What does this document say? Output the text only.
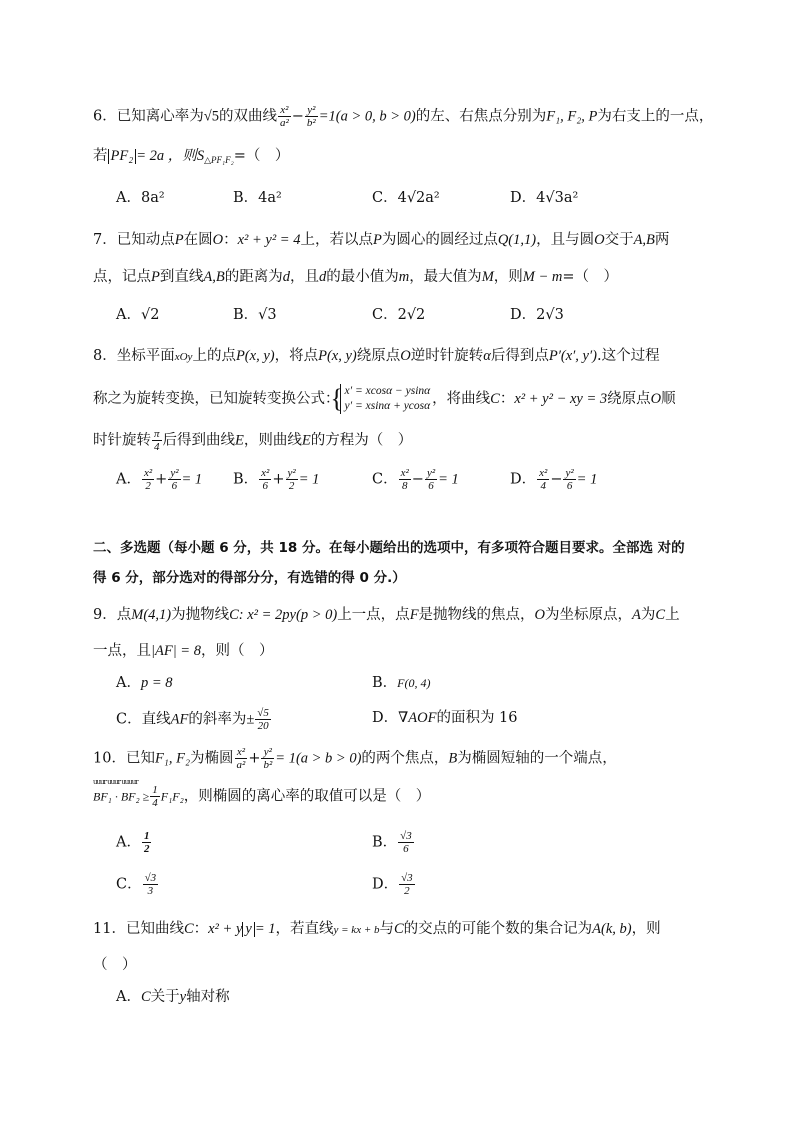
6．已知离心率为√5的双曲线 $\frac{\text{x²}}{\text{a²}} - \frac{\text{y²}}{\text{b²}} =1(a > 0$, b > 0)的左、右焦点分别为F₁, F₂, P为右支上的一点，
若 PF₂ = 2a ，则$S_{\triangle PF_1F_2}=$（　）
A．8a²	B．4a²	C．4√2a²	D．4√3a²
7．已知动点P在圆O：x² + y² = 4上，若以点P为圆心的圆经过点Q(1,1)，且与圆O交于A,B两
点，记点P到直线A,B的距离为d，且d的最小值为m，最大值为M，则M − m=（　）
A．√2	B．√3	C．2√2	D．2√3
8．坐标平面xOy上的点P(x, y)，将点P(x, y)绕原点O逆时针旋转α后得到点P′(x′, y′).这个过程
称之为旋转变换，已知旋转变换公式：
{ x′ = xcosα − ysinα
y′ = xsinα + ycosα ，将曲线C：x² + y² − xy = 3绕原点O顺
时针旋转 $\frac{\pi}{4}$ 后得到曲线E，则曲线E的方程为（　）
A． $\frac{\text{x²}}{2} + \frac{\text{y²}}{6} = 1$ B． $\frac{\text{x²}}{6} + \frac{\text{y²}}{2} = 1$	C． $\frac{\text{x²}}{8} - \frac{\text{y²}}{6} = 1$	D． $\frac{\text{x²}}{4} - \frac{\text{y²}}{6} = 1$
二、多选题（每小题 6 分，共 18 分。在每小题给出的选项中，有多项符合题目要求。全部选 对的
得 6 分，部分选对的得部分分，有选错的得 0 分.）
9．点M(4,1)为抛物线C: x² = 2py(p > 0)上一点，点F是抛物线的焦点，O为坐标原点，A为C上
一点，且|AF| = 8，则（　）
A．p = 8	B．F(0, 4)
C．直线AF的斜率为± $\frac{√5}{20}$	D．∇AOF的面积为 16
10．已知F₁, F₂为椭圆 $\frac{\text{x²}}{\text{a²}} + \frac{\text{y²}}{\text{b²}} = 1(a > b > 0)$的两个焦点，B为椭圆短轴的一个端点，
uuur uuur uuuur
$BF_1 \cdot BF_2 \ge \frac{1}{4} F_1F_2$，则椭圆的离心率的取值可以是（　）
A． $\frac{1}{2}$	B． $\frac{√3}{6}$
C． $\frac{√3}{3}$	D． $\frac{√3}{2}$
11．已知曲线C：x² + y y = 1，若直线y = kx + b与C的交点的可能个数的集合记为A(k, b)，则
（　）
A．C关于y轴对称
